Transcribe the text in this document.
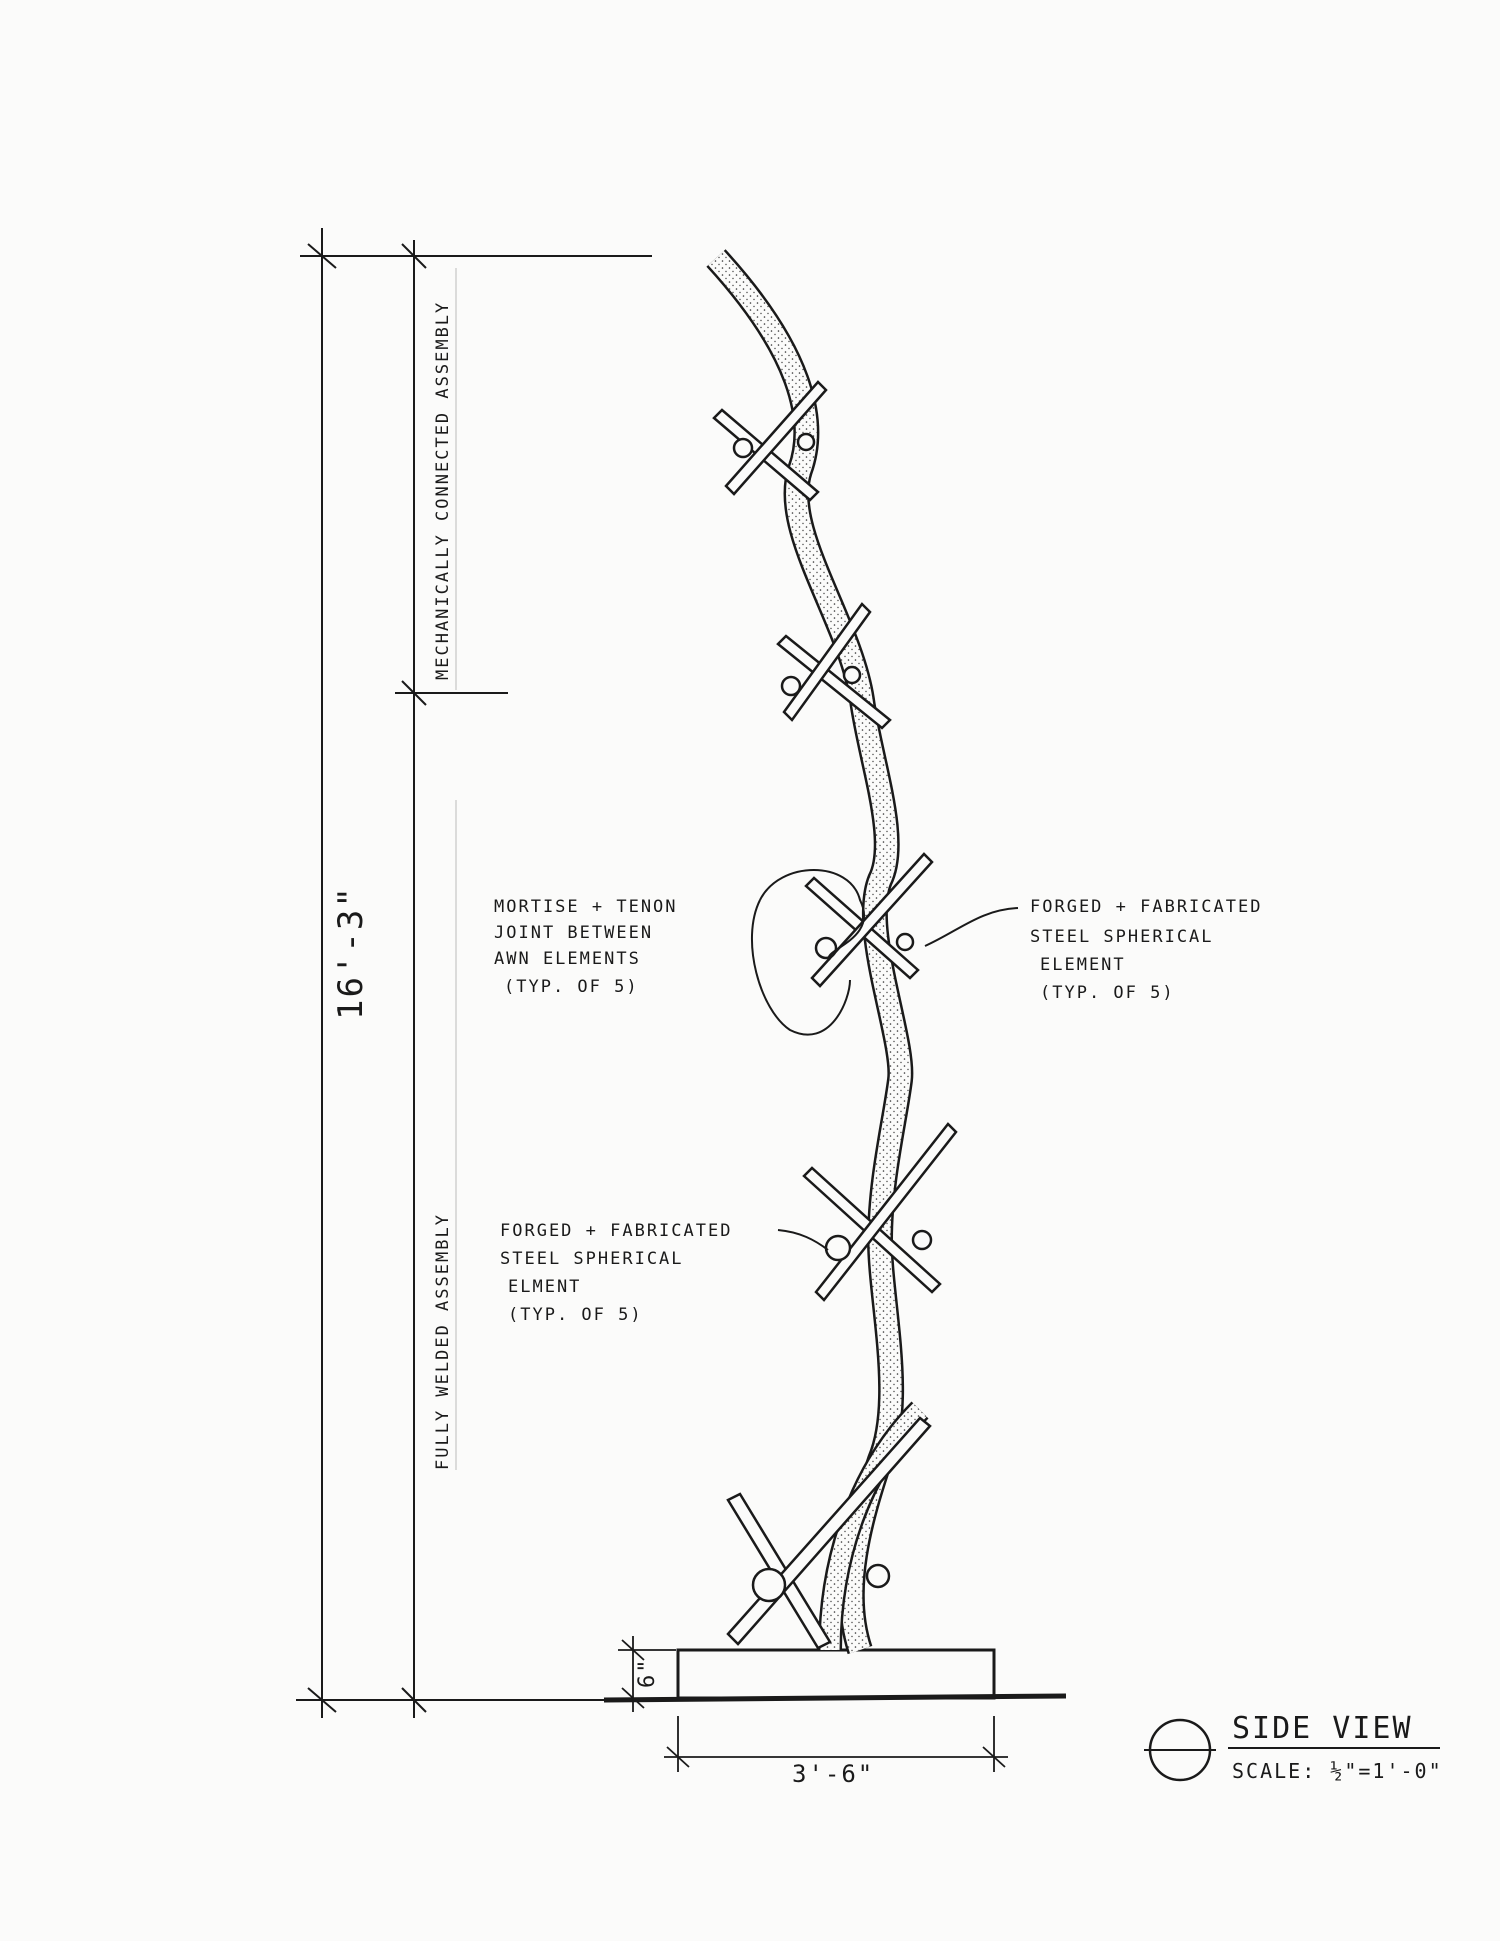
16'-3"
MECHANICALLY CONNECTED ASSEMBLY
FULLY WELDED ASSEMBLY
6"
3'-6"
MORTISE + TENON
JOINT BETWEEN
AWN ELEMENTS
(TYP. OF 5)
FORGED + FABRICATED
STEEL SPHERICAL
ELEMENT
(TYP. OF 5)
FORGED + FABRICATED
STEEL SPHERICAL
ELMENT
(TYP. OF 5)
SIDE VIEW
SCALE: ½"=1'-0"
